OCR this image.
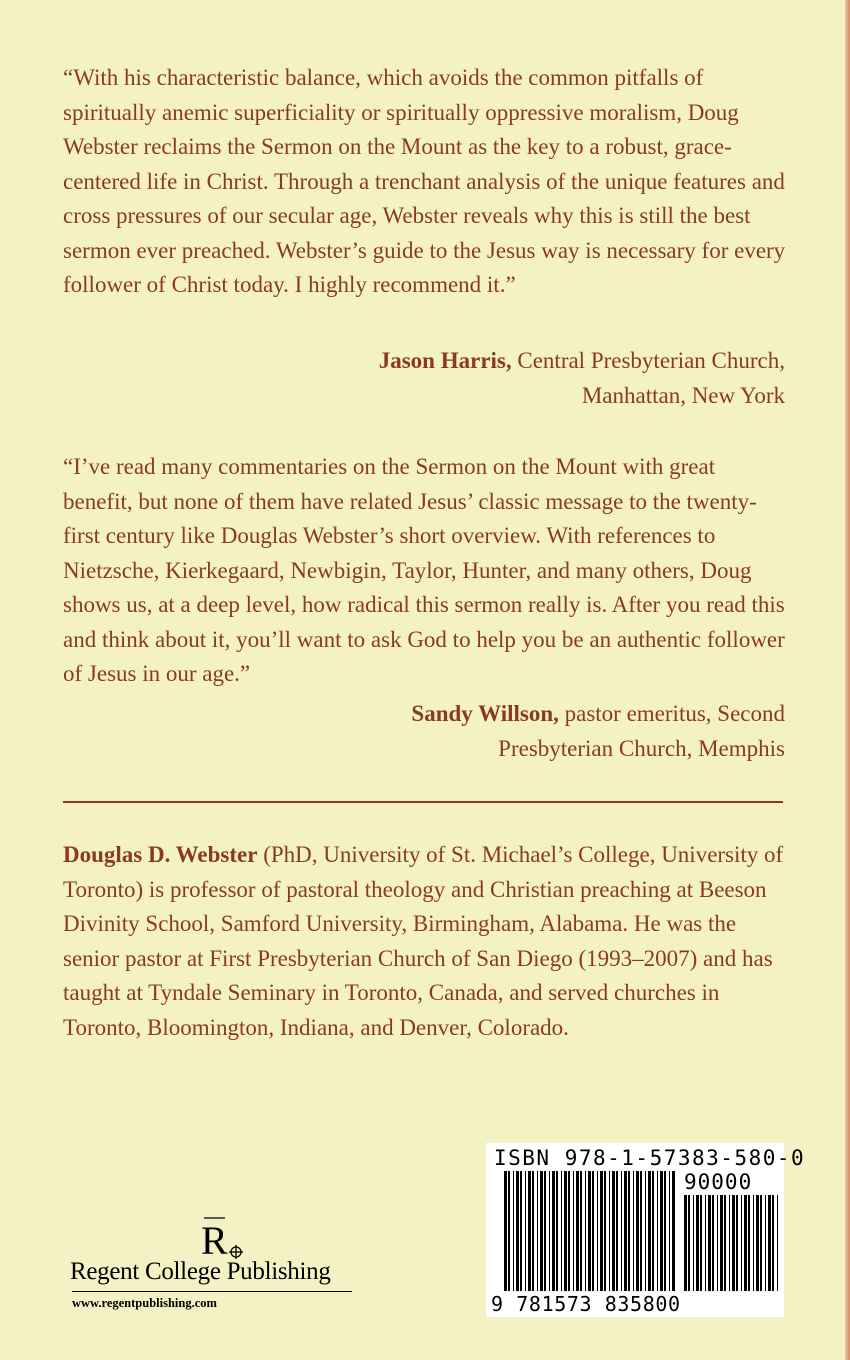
“With his characteristic balance, which avoids the common pitfalls of spiritually anemic superficiality or spiritually oppressive moralism, Doug Webster reclaims the Sermon on the Mount as the key to a robust, grace-centered life in Christ. Through a trenchant analysis of the unique features and cross pressures of our secular age, Webster reveals why this is still the best sermon ever preached. Webster’s guide to the Jesus way is necessary for every follower of Christ today. I highly recommend it.”

Jason Harris, Central Presbyterian Church,
Manhattan, New York

“I’ve read many commentaries on the Sermon on the Mount with great benefit, but none of them have related Jesus’ classic message to the twenty-first century like Douglas Webster’s short overview. With references to Nietzsche, Kierkegaard, Newbigin, Taylor, Hunter, and many others, Doug shows us, at a deep level, how radical this sermon really is. After you read this and think about it, you’ll want to ask God to help you be an authentic follower of Jesus in our age.”

Sandy Willson, pastor emeritus, Second
Presbyterian Church, Memphis

Douglas D. Webster (PhD, University of St. Michael’s College, University of Toronto) is professor of pastoral theology and Christian preaching at Beeson Divinity School, Samford University, Birmingham, Alabama. He was the senior pastor at First Presbyterian Church of San Diego (1993–2007) and has taught at Tyndale Seminary in Toronto, Canada, and served churches in Toronto, Bloomington, Indiana, and Denver, Colorado.

R
Regent College Publishing
www.regentpublishing.com
ISBN 978-1-57383-580-0
90000
9 781573 835800
